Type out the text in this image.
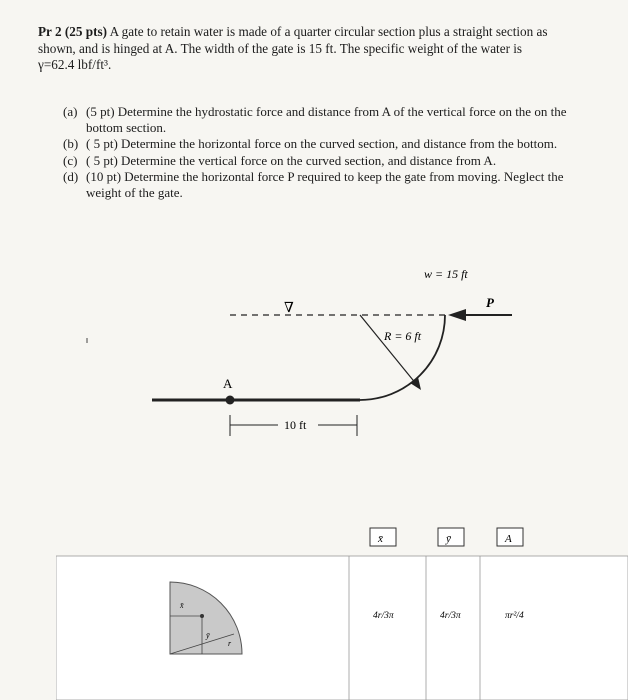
Pr 2 (25 pts) A gate to retain water is made of a quarter circular section plus a straight section as
shown, and is hinged at A. The width of the gate is 15 ft. The specific weight of the water is
γ=62.4 lbf/ft³.
(a) (5 pt) Determine the hydrostatic force and distance from A of the vertical force on the on the bottom section.
(b) ( 5 pt) Determine the horizontal force on the curved section, and distance from the bottom.
(c) ( 5 pt) Determine the vertical force on the curved section, and distance from A.
(d) (10 pt) Determine the horizontal force P required to keep the gate from moving. Neglect the weight of the gate.
∇
w = 15 ft
P
R = 6 ft
A
10 ft
x̄	ȳ	A
x̄
ȳ
r
4r/3π	4r/3π	πr²/4
